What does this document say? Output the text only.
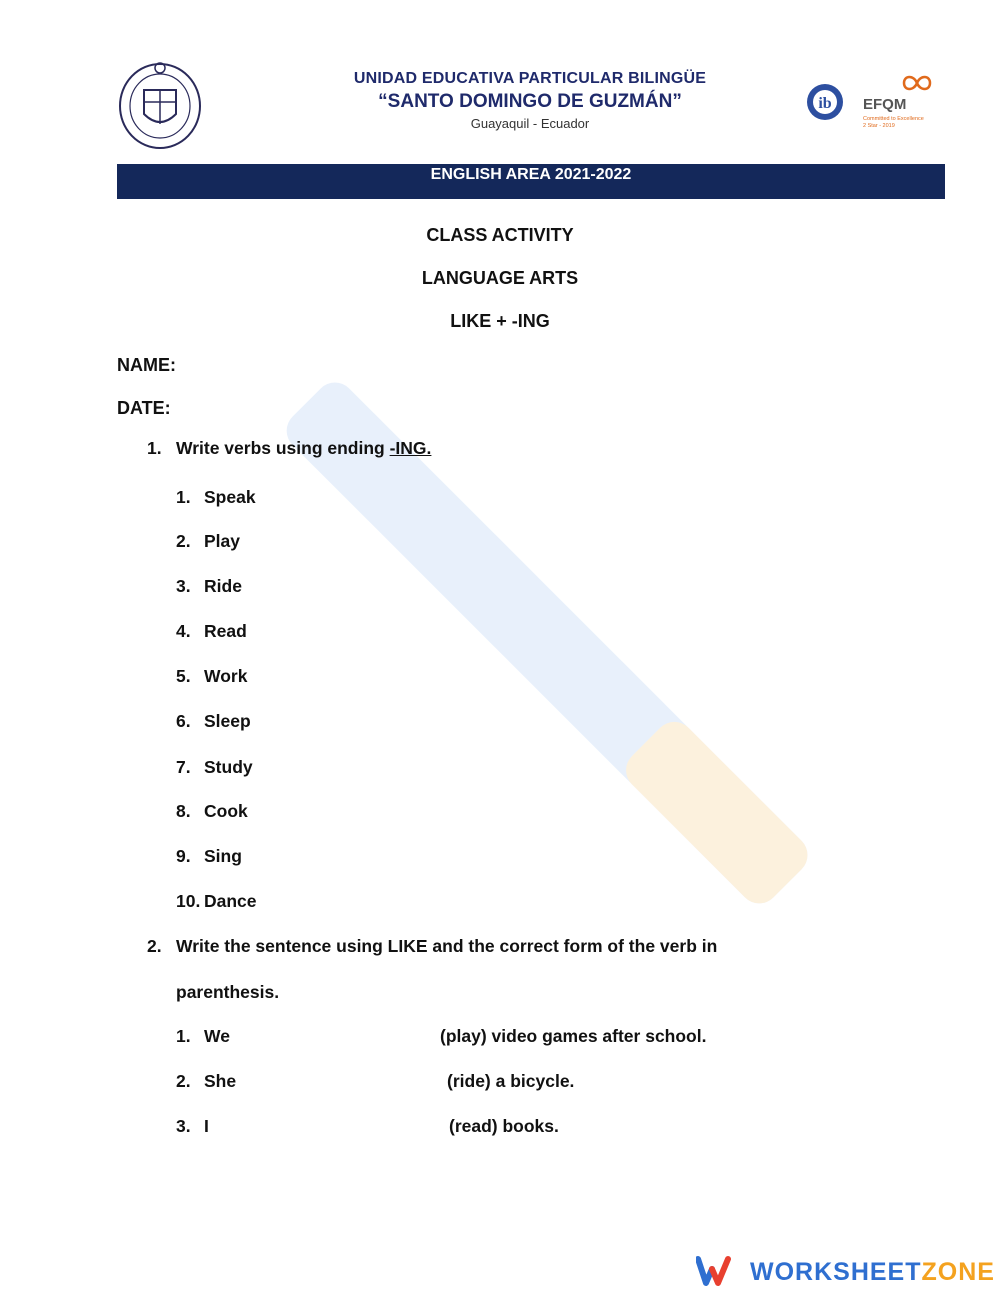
UNIDAD EDUCATIVA PARTICULAR BILINGÜE
“SANTO DOMINGO DE GUZMÁN”
Guayaquil - Ecuador
ib EFQM
Committed to Excellence
2 Star - 2019
ENGLISH AREA 2021-2022
CLASS ACTIVITY
LANGUAGE ARTS
LIKE + -ING
NAME:
DATE:
1. Write verbs using ending -ING.
1. Speak
2. Play
3. Ride
4. Read
5. Work
6. Sleep
7. Study
8. Cook
9. Sing
10. Dance
2. Write the sentence using LIKE and the correct form of the verb in
parenthesis.
1. We	(play) video games after school.
2. She	(ride) a bicycle.
3. I	(read) books.
WORKSHEETZONE
